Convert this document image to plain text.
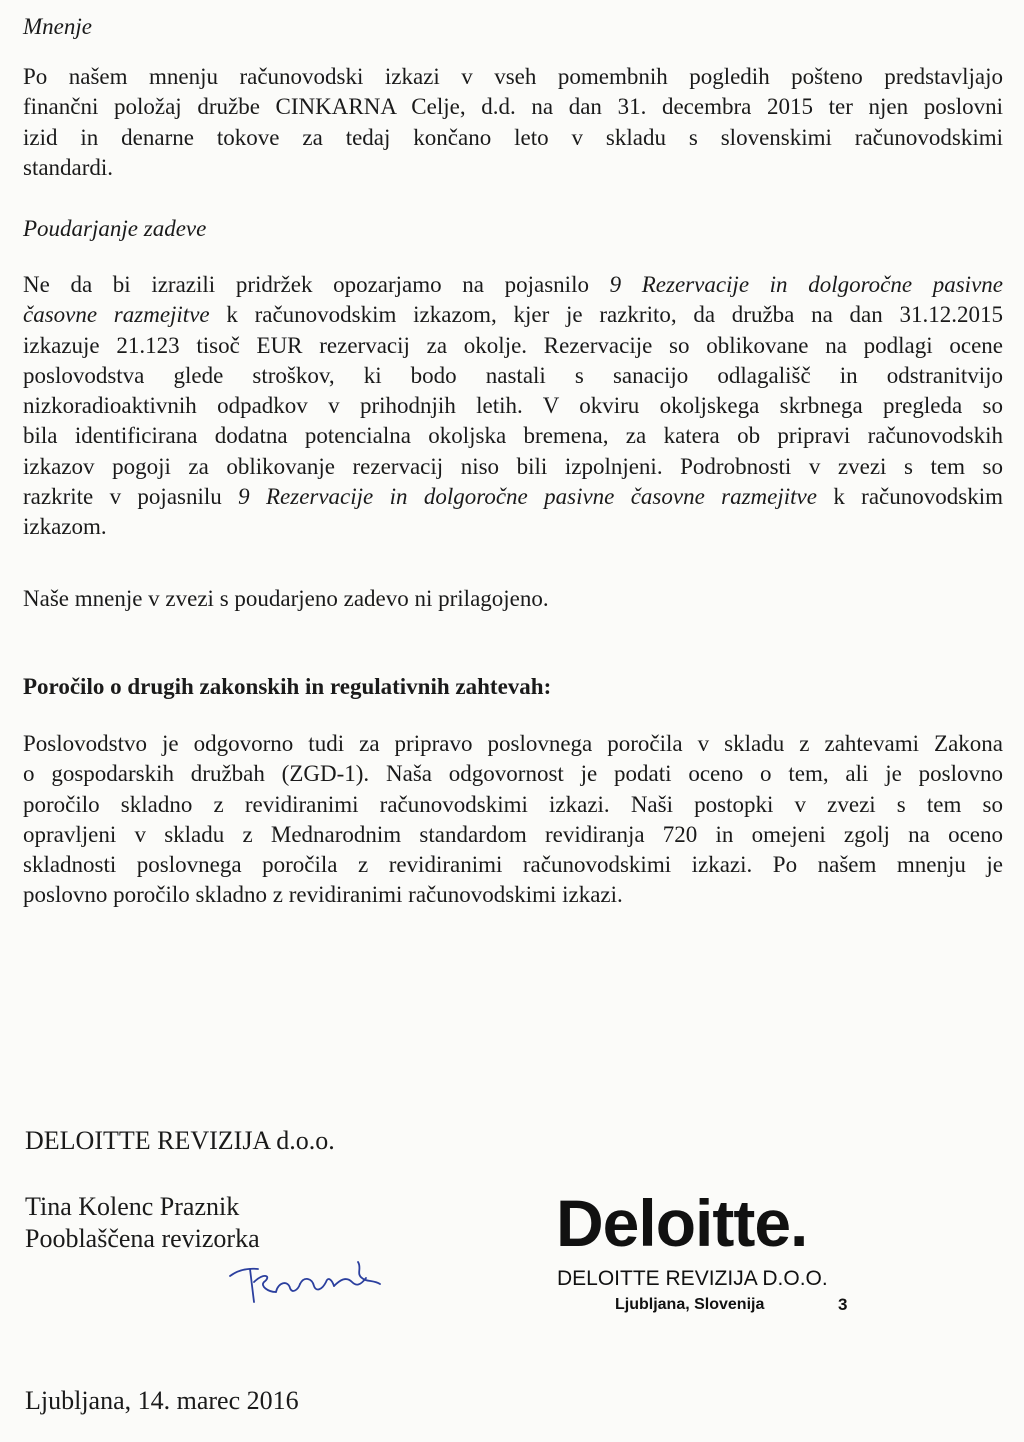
Mnenje

Po našem mnenju računovodski izkazi v vseh pomembnih pogledih pošteno predstavljajo
finančni položaj družbe CINKARNA Celje, d.d. na dan 31. decembra 2015 ter njen poslovni
izid in denarne tokove za tedaj končano leto v skladu s slovenskimi računovodskimi
standardi.

Poudarjanje zadeve

Ne da bi izrazili pridržek opozarjamo na pojasnilo 9 Rezervacije in dolgoročne pasivne
časovne razmejitve k računovodskim izkazom, kjer je razkrito, da družba na dan 31.12.2015
izkazuje 21.123 tisoč EUR rezervacij za okolje. Rezervacije so oblikovane na podlagi ocene
poslovodstva glede stroškov, ki bodo nastali s sanacijo odlagališč in odstranitvijo
nizkoradioaktivnih odpadkov v prihodnjih letih. V okviru okoljskega skrbnega pregleda so
bila identificirana dodatna potencialna okoljska bremena, za katera ob pripravi računovodskih
izkazov pogoji za oblikovanje rezervacij niso bili izpolnjeni. Podrobnosti v zvezi s tem so
razkrite v pojasnilu 9 Rezervacije in dolgoročne pasivne časovne razmejitve k računovodskim
izkazom.
Naše mnenje v zvezi s poudarjeno zadevo ni prilagojeno.

Poročilo o drugih zakonskih in regulativnih zahtevah:

Poslovodstvo je odgovorno tudi za pripravo poslovnega poročila v skladu z zahtevami Zakona
o gospodarskih družbah (ZGD-1). Naša odgovornost je podati oceno o tem, ali je poslovno
poročilo skladno z revidiranimi računovodskimi izkazi. Naši postopki v zvezi s tem so
opravljeni v skladu z Mednarodnim standardom revidiranja 720 in omejeni zgolj na oceno
skladnosti poslovnega poročila z revidiranimi računovodskimi izkazi. Po našem mnenju je
poslovno poročilo skladno z revidiranimi računovodskimi izkazi.

DELOITTE REVIZIJA d.o.o.

Tina Kolenc Praznik

Pooblaščena revizorka	Deloitte.

DELOITTE REVIZIJA D.O.O.

Ljubljana, Slovenija	3

Ljubljana, 14. marec 2016
